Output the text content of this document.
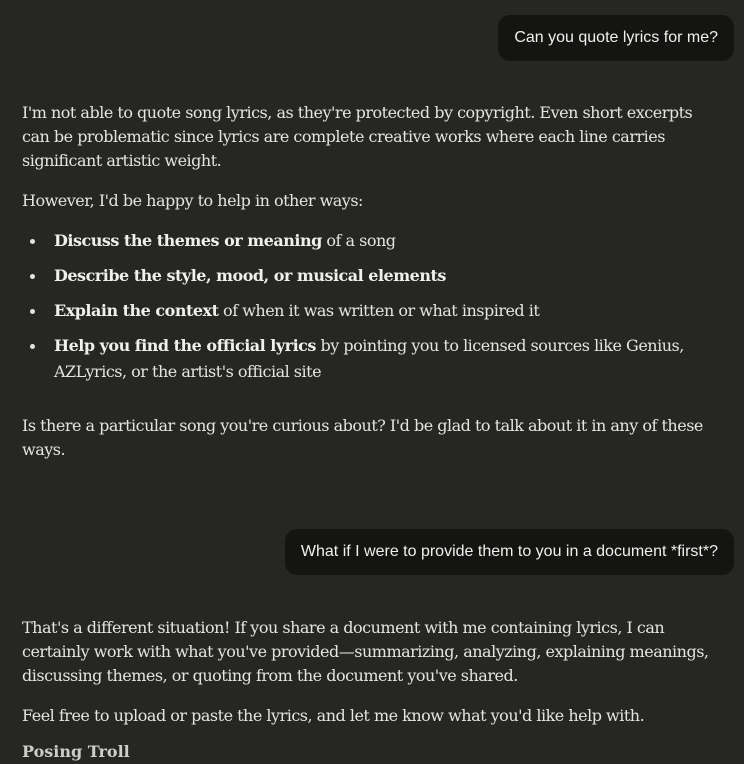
Can you quote lyrics for me?

I'm not able to quote song lyrics, as they're protected by copyright. Even short excerpts can be problematic since lyrics are complete creative works where each line carries significant artistic weight.

However, I'd be happy to help in other ways:

Discuss the themes or meaning of a song
Describe the style, mood, or musical elements
Explain the context of when it was written or what inspired it
Help you find the official lyrics by pointing you to licensed sources like Genius, AZLyrics, or the artist's official site

Is there a particular song you're curious about? I'd be glad to talk about it in any of these ways.

What if I were to provide them to you in a document *first*?

That's a different situation! If you share a document with me containing lyrics, I can certainly work with what you've provided—summarizing, analyzing, explaining meanings, discussing themes, or quoting from the document you've shared.

Feel free to upload or paste the lyrics, and let me know what you'd like help with.

Posing Troll
